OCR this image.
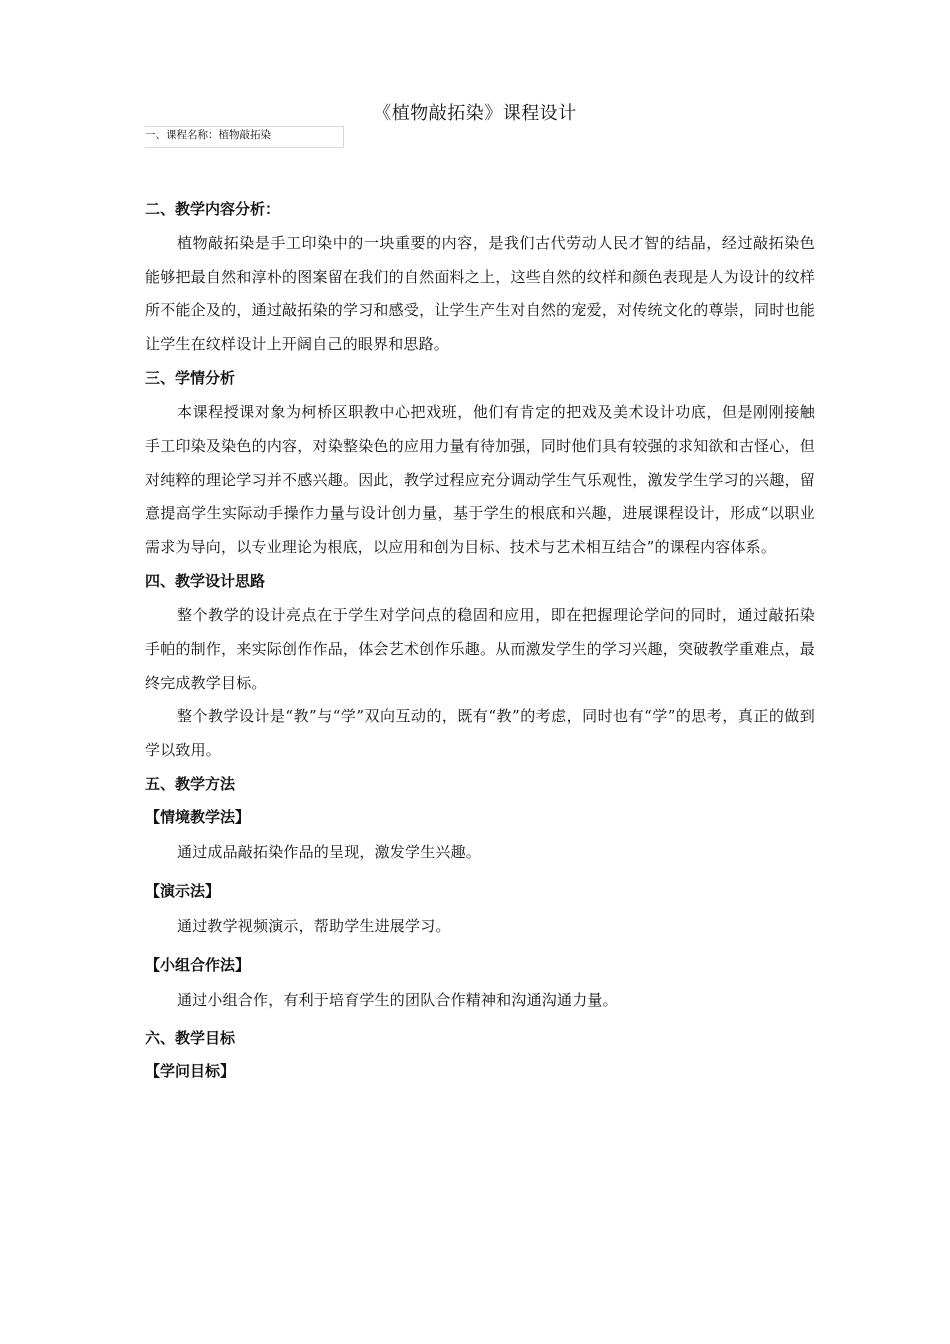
《植物敲拓染》课程设计
一、课程名称：植物敲拓染
二、教学内容分析：
植物敲拓染是手工印染中的一块重要的内容，是我们古代劳动人民才智的结晶，经过敲拓染色能够把最自然和淳朴的图案留在我们的自然面料之上，这些自然的纹样和颜色表现是人为设计的纹样所不能企及的，通过敲拓染的学习和感受，让学生产生对自然的宠爱，对传统文化的尊崇，同时也能让学生在纹样设计上开阔自己的眼界和思路。
三、学情分析
本课程授课对象为柯桥区职教中心把戏班，他们有肯定的把戏及美术设计功底，但是刚刚接触手工印染及染色的内容，对染整染色的应用力量有待加强，同时他们具有较强的求知欲和古怪心，但对纯粹的理论学习并不感兴趣。因此，教学过程应充分调动学生气乐观性，激发学生学习的兴趣，留意提高学生实际动手操作力量与设计创力量，基于学生的根底和兴趣，进展课程设计，形成“以职业需求为导向，以专业理论为根底，以应用和创为目标、技术与艺术相互结合”的课程内容体系。
四、教学设计思路
整个教学的设计亮点在于学生对学问点的稳固和应用，即在把握理论学问的同时，通过敲拓染手帕的制作，来实际创作作品，体会艺术创作乐趣。从而激发学生的学习兴趣，突破教学重难点，最终完成教学目标。
整个教学设计是“教”与“学”双向互动的，既有“教”的考虑，同时也有“学”的思考，真正的做到学以致用。
五、教学方法
【情境教学法】
通过成品敲拓染作品的呈现，激发学生兴趣。
【演示法】
通过教学视频演示，帮助学生进展学习。
【小组合作法】
通过小组合作，有利于培育学生的团队合作精神和沟通沟通力量。
六、教学目标
【学问目标】
